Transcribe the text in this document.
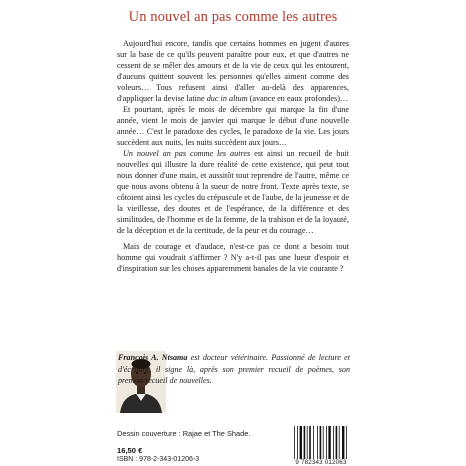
Un nouvel an pas comme les autres

Aujourd'hui encore, tandis que certains hommes en jugent d'autres sur la base de ce qu'ils peuvent paraître pour eux, et que d'autres ne cessent de se mêler des amours et de la vie de ceux qui les entourent, d'aucuns quittent souvent les personnes qu'elles aiment comme des voleurs… Tous refusent ainsi d'aller au-delà des apparences, d'appliquer la devise latine duc in altum (avance en eaux profondes)…

Et pourtant, après le mois de décembre qui marque la fin d'une année, vient le mois de janvier qui marque le début d'une nouvelle année… C'est le paradoxe des cycles, le paradoxe de la vie. Les jours succèdent aux nuits, les nuits succèdent aux jours…

Un nouvel an pas comme les autres est ainsi un recueil de huit nouvelles qui illustre la dure réalité de cette existence, qui peut tout nous donner d'une main, et aussitôt tout reprendre de l'autre, même ce que nous avons obtenu à la sueur de notre front. Texte après texte, se côtoient ainsi les cycles du crépuscule et de l'aube, de la jeunesse et de la vieillesse, des doutes et de l'espérance, de la différence et des similitudes, de l'homme et de la femme, de la trahison et de la loyauté, de la déception et de la certitude, de la peur et du courage…

Mais de courage et d'audace, n'est-ce pas ce dont a besoin tout homme qui voudrait s'affirmer ? N'y a-t-il pas une lueur d'espoir et d'inspiration sur les choses apparemment banales de la vie courante ?

François A. Ntsama est docteur vétérinaire. Passionné de lecture et d'écriture, il signe là, après son premier recueil de poèmes, son premier recueil de nouvelles.
Dessin couverture : Rajae et The Shade.
16,50 €
ISBN : 978-2-343-01206-3	9 782343 012063
